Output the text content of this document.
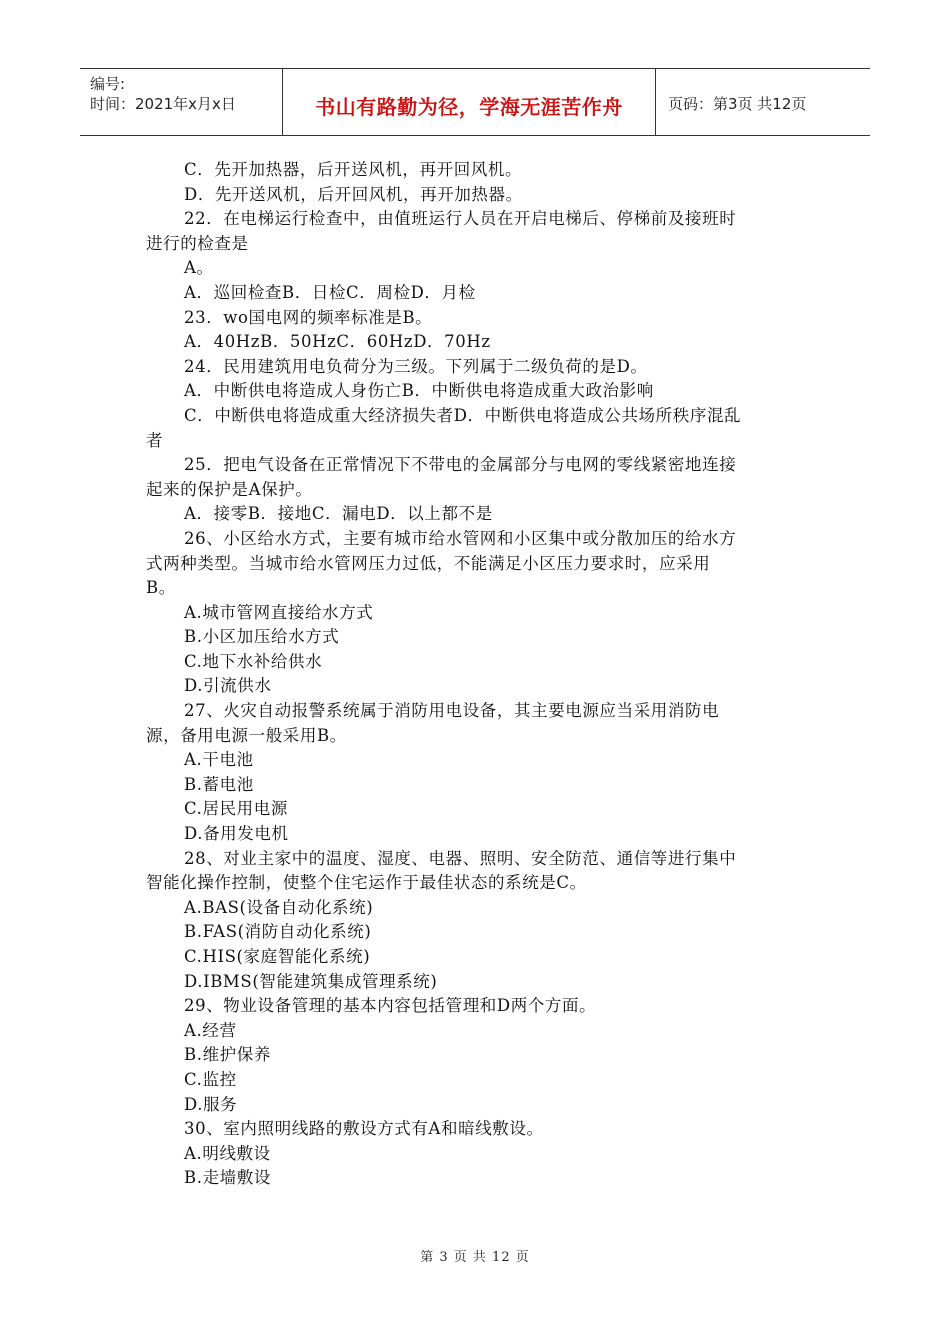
编号:
时间：2021年x月x日	书山有路勤为径，学海无涯苦作舟	页码：第3页 共12页

C．先开加热器，后开送风机，再开回风机。

D．先开送风机，后开回风机，再开加热器。

22．在电梯运行检查中，由值班运行人员在开启电梯后、停梯前及接班时

进行的检查是

A。

A．巡回检查B．日检C．周检D．月检

23．wo国电网的频率标准是B。

A．40HzB．50HzC．60HzD．70Hz

24．民用建筑用电负荷分为三级。下列属于二级负荷的是D。

A．中断供电将造成人身伤亡B．中断供电将造成重大政治影响

C．中断供电将造成重大经济损失者D．中断供电将造成公共场所秩序混乱

者

25．把电气设备在正常情况下不带电的金属部分与电网的零线紧密地连接

起来的保护是A保护。

A．接零B．接地C．漏电D．以上都不是

26、小区给水方式，主要有城市给水管网和小区集中或分散加压的给水方

式两种类型。当城市给水管网压力过低，不能满足小区压力要求时，应采用

B。

A.城市管网直接给水方式

B.小区加压给水方式

C.地下水补给供水

D.引流供水

27、火灾自动报警系统属于消防用电设备，其主要电源应当采用消防电

源，备用电源一般采用B。

A.干电池

B.蓄电池

C.居民用电源

D.备用发电机

28、对业主家中的温度、湿度、电器、照明、安全防范、通信等进行集中

智能化操作控制，使整个住宅运作于最佳状态的系统是C。

A.BAS(设备自动化系统)

B.FAS(消防自动化系统)

C.HIS(家庭智能化系统)

D.IBMS(智能建筑集成管理系统)

29、物业设备管理的基本内容包括管理和D两个方面。

A.经营

B.维护保养

C.监控

D.服务

30、室内照明线路的敷设方式有A和暗线敷设。

A.明线敷设

B.走墙敷设

第 3 页 共 12 页
